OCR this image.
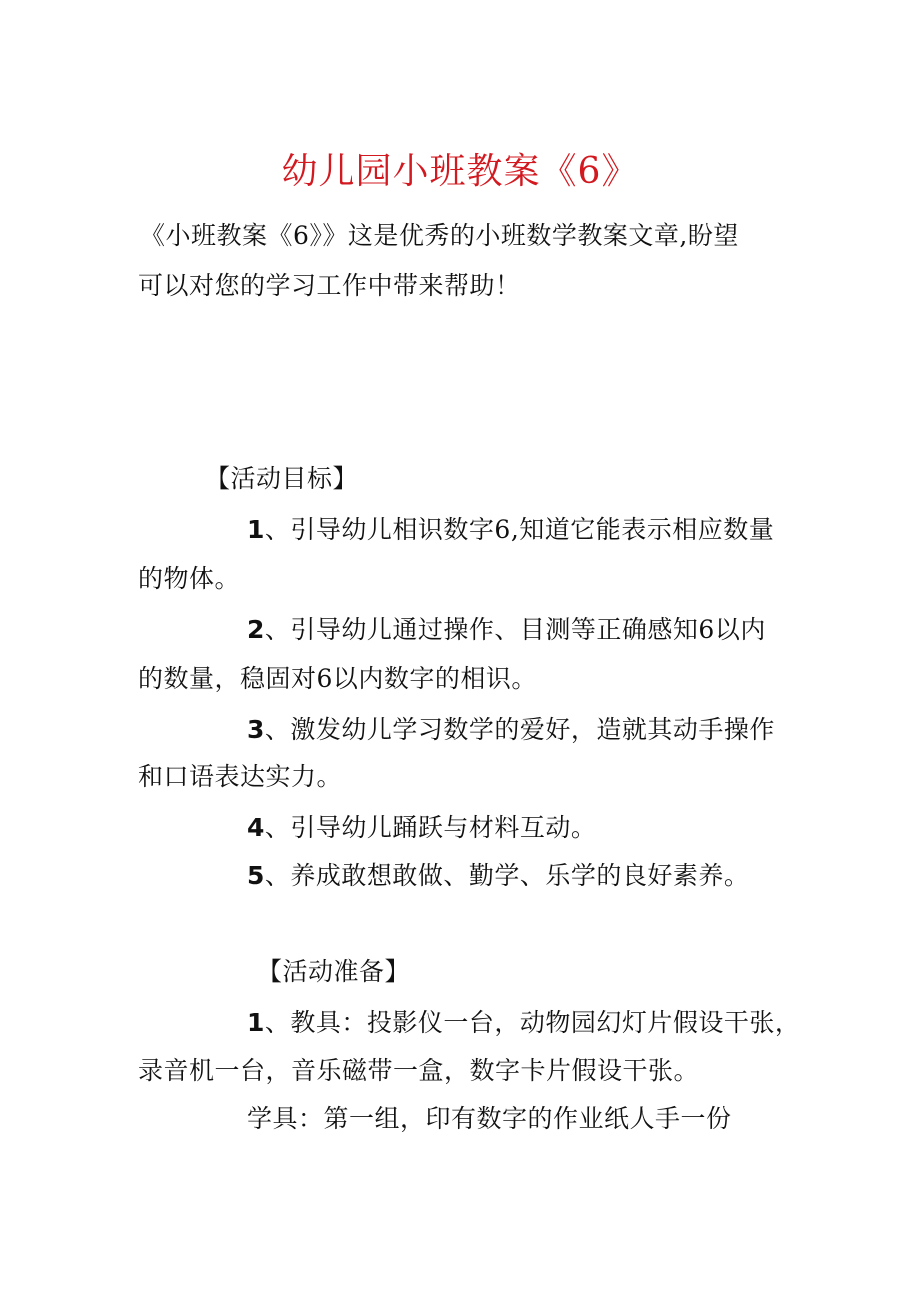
幼儿园小班教案《6》
《小班教案《6》》这是优秀的小班数学教案文章,盼望
可以对您的学习工作中带来帮助！
【活动目标】
1、引导幼儿相识数字6,知道它能表示相应数量
的物体。
2、引导幼儿通过操作、目测等正确感知6以内
的数量，稳固对6以内数字的相识。
3、激发幼儿学习数学的爱好，造就其动手操作
和口语表达实力。
4、引导幼儿踊跃与材料互动。
5、养成敢想敢做、勤学、乐学的良好素养。
【活动准备】
1、教具：投影仪一台，动物园幻灯片假设干张，
录音机一台，音乐磁带一盒，数字卡片假设干张。
学具：第一组，印有数字的作业纸人手一份
